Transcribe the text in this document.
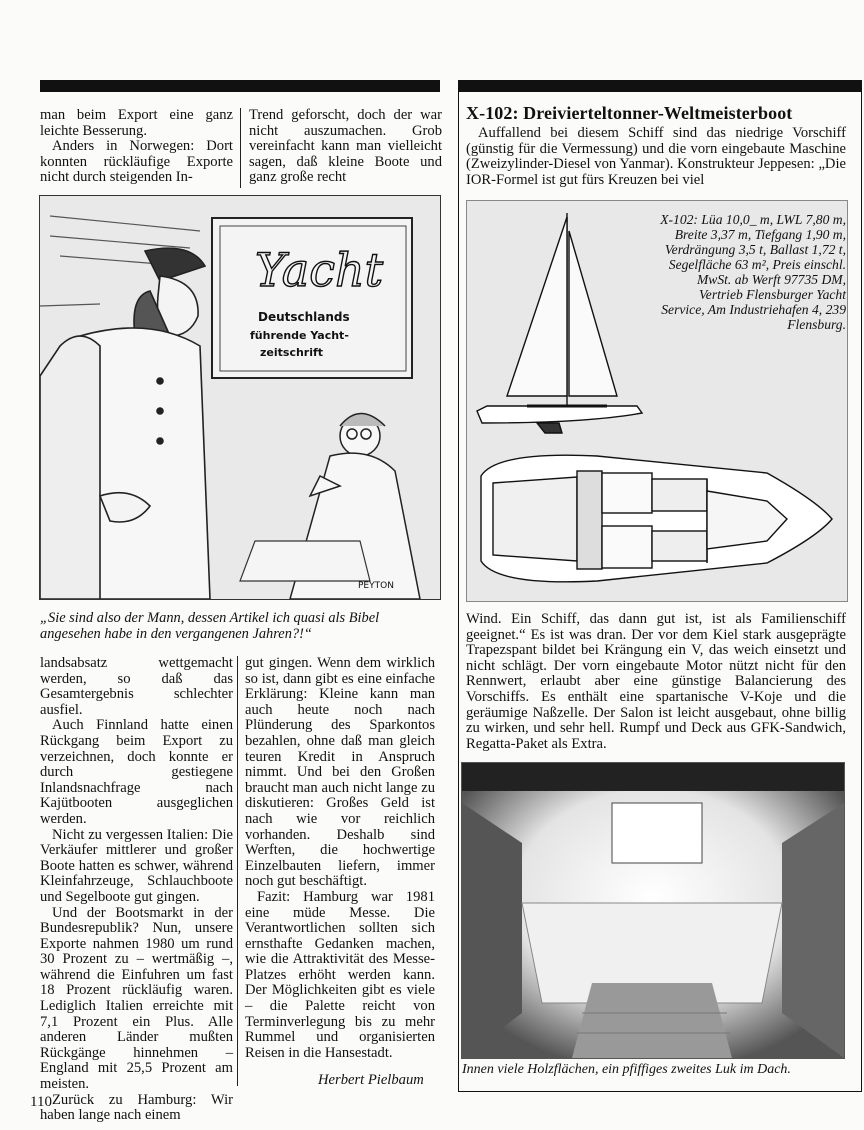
man beim Export eine ganz leichte Besserung.

Anders in Norwegen: Dort konnten rückläufige Exporte nicht durch steigenden In-

Trend geforscht, doch der war nicht auszumachen. Grob vereinfacht kann man vielleicht sagen, daß kleine Boote und ganz große recht

Yacht
Deutschlands
führende Yacht-
zeitschrift
PEYTON
„Sie sind also der Mann, dessen Artikel ich quasi als Bibel angesehen habe in den vergangenen Jahren?!“

landsabsatz wettgemacht werden, so daß das Gesamtergebnis schlechter ausfiel.

Auch Finnland hatte einen Rückgang beim Export zu verzeichnen, doch konnte er durch gestiegene Inlandsnachfrage nach Kajütbooten ausgeglichen werden.

Nicht zu vergessen Italien: Die Verkäufer mittlerer und großer Boote hatten es schwer, während Kleinfahrzeuge, Schlauchboote und Segelboote gut gingen.

Und der Bootsmarkt in der Bundesrepublik? Nun, unsere Exporte nahmen 1980 um rund 30 Prozent zu – wertmäßig –, während die Einfuhren um fast 18 Prozent rückläufig waren. Lediglich Italien erreichte mit 7,1 Prozent ein Plus. Alle anderen Länder mußten Rückgänge hinnehmen – England mit 25,5 Prozent am meisten.

Zurück zu Hamburg: Wir haben lange nach einem

gut gingen. Wenn dem wirklich so ist, dann gibt es eine einfache Erklärung: Kleine kann man auch heute noch nach Plünderung des Sparkontos bezahlen, ohne daß man gleich teuren Kredit in Anspruch nimmt. Und bei den Großen braucht man auch nicht lange zu diskutieren: Großes Geld ist nach wie vor reichlich vorhanden. Deshalb sind Werften, die hochwertige Einzelbauten liefern, immer noch gut beschäftigt.

Fazit: Hamburg war 1981 eine müde Messe. Die Verantwortlichen sollten sich ernsthafte Gedanken machen, wie die Attraktivität des Messe-Platzes erhöht werden kann. Der Möglichkeiten gibt es viele – die Palette reicht von Terminverlegung bis zu mehr Rummel und organisierten Reisen in die Hansestadt.

Herbert Pielbaum
110
X-102: Dreivierteltonner-Weltmeisterboot

Auffallend bei diesem Schiff sind das niedrige Vorschiff (günstig für die Vermessung) und die vorn eingebaute Maschine (Zweizylinder-Diesel von Yanmar). Konstrukteur Jeppesen: „Die IOR-Formel ist gut fürs Kreuzen bei viel

X-102: Lüa 10,0_ m, LWL 7,80 m, Breite 3,37 m, Tiefgang 1,90 m, Verdrängung 3,5 t, Ballast 1,72 t, Segelfläche 63 m², Preis einschl. MwSt. ab Werft 97735 DM, Vertrieb Flensburger Yacht Service, Am Industriehafen 4, 239 Flensburg.

Wind. Ein Schiff, das dann gut ist, ist als Familienschiff geeignet.“ Es ist was dran. Der vor dem Kiel stark ausgeprägte Trapezspant bildet bei Krängung ein V, das weich einsetzt und nicht schlägt. Der vorn eingebaute Motor nützt nicht für den Rennwert, erlaubt aber eine günstige Balancierung des Vorschiffs. Es enthält eine spartanische V-Koje und die geräumige Naßzelle. Der Salon ist leicht ausgebaut, ohne billig zu wirken, und sehr hell. Rumpf und Deck aus GFK-Sandwich, Regatta-Paket als Extra.

Innen viele Holzflächen, ein pfiffiges zweites Luk im Dach.
